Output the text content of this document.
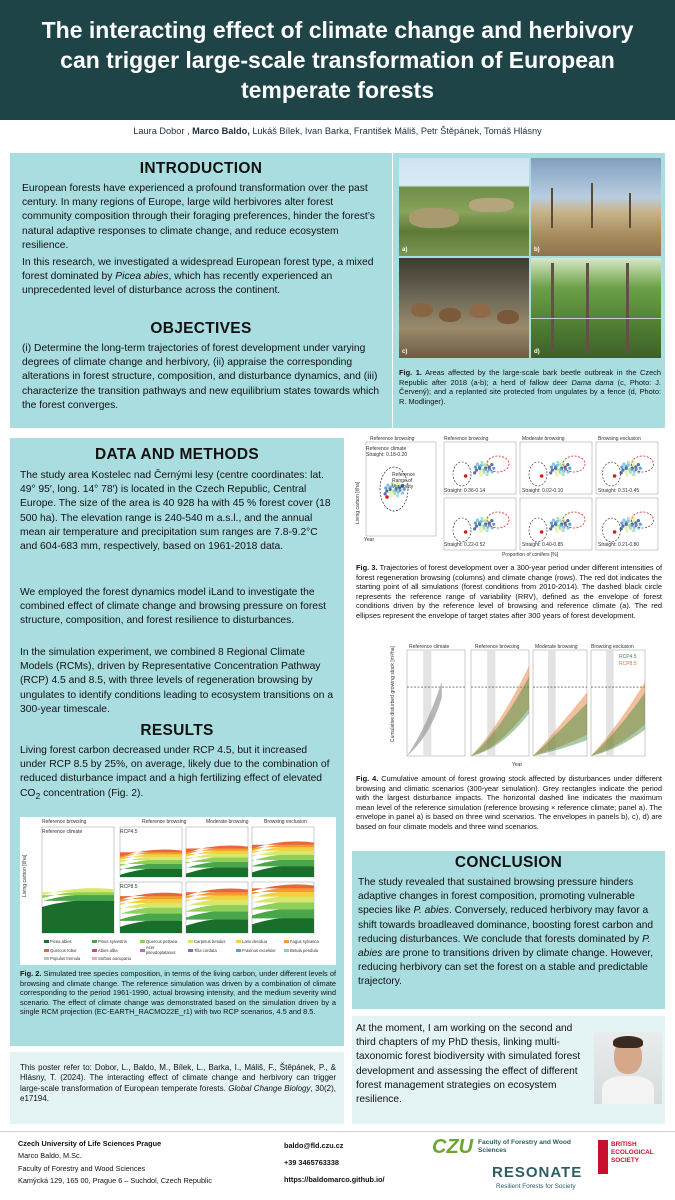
The interacting effect of climate change and herbivory can trigger large-scale transformation of European temperate forests
Laura Dobor , Marco Baldo, Lukáš Bílek, Ivan Barka, František Máliš, Petr Štěpánek, Tomáš Hlásny
INTRODUCTION
European forests have experienced a profound transformation over the past century. In many regions of Europe, large wild herbivores alter forest community composition through their foraging preferences, hinder the forest’s natural adaptive responses to climate change, and reduce ecosystem resilience.
In this research, we investigated a widespread European forest type, a mixed forest dominated by Picea abies, which has recently experienced an unprecedented level of disturbance across the continent.
OBJECTIVES
(i) Determine the long-term trajectories of forest development under varying degrees of climate change and herbivory, (ii) appraise the corresponding alterations in forest structure, composition, and disturbance dynamics, and (iii) characterize the transition pathways and new equilibrium states towards which the forest converges.
a)	b)
c)	d)
Fig. 1. Areas affected by the large-scale bark beetle outbreak in the Czech Republic after 2018 (a-b); a herd of fallow deer Dama dama (c, Photo: J. Červený); and a replanted site protected from ungulates by a fence (d, Photo: R. Modlinger).
DATA AND METHODS
The study area Kostelec nad Černými lesy (centre coordinates: lat. 49° 95′, long. 14° 78′) is located in the Czech Republic, Central Europe. The size of the area is 40 928 ha with 45 % forest cover (18 500 ha). The elevation range is 240-540 m a.s.l., and the annual mean air temperature and precipitation sum ranges are 7.8-9.2°C and 604-683 mm, respectively, based on 1961-2018 data.
We employed the forest dynamics model iLand to investigate the combined effect of climate change and browsing pressure on forest structure, composition, and forest resilience to disturbances.
In the simulation experiment, we combined 8 Regional Climate Models (RCMs), driven by Representative Concentration Pathway (RCP) 4.5 and 8.5, with three levels of regeneration browsing by ungulates to identify conditions leading to ecosystem transitions on a 300-year timescale.
RESULTS
Living forest carbon decreased under RCP 4.5, but it increased under RCP 8.5 by 25%, on average, likely due to the combination of reduced disturbance impact and a high fertilizing effect of elevated $CO_2$ concentration (Fig. 2).
Reference browsing	Reference browsing	Moderate browsing	Browsing exclusion
Reference climate	RCP4.5
RCP8.5
Living carbon [t/ha]
Picea abies	Pinus sylvestris	Quercus petraea	Carpinus betulus	Larix decidua	Fagus sylvatica
Quercus robur	Abies alba	Acer pseudoplatanus	Tilia cordata	Fraxinus excelsior	Betula pendula
Populus tremula	Sorbus aucuparia
Fig. 2. Simulated tree species composition, in terms of the living carbon, under different levels of browsing and climate change. The reference simulation was driven by a combination of climate corresponding to the period 1961-1990, actual browsing intensity, and the medium severity wind scenario. The effect of climate change was demonstrated based on the simulation driven by a single RCM projection (EC-EARTH_RACMO22E_r1) with two RCP scenarios, 4.5 and 8.5.
This poster refer to: Dobor, L., Baldo, M., Bílek, L., Barka, I., Máliš, F., Štěpánek, P., & Hlásny, T. (2024). The interacting effect of climate change and herbivory can trigger large-scale transformation of European temperate forests. Global Change Biology, 30(2), e17194.
Reference browsing	Reference browsing	Moderate browsing	Browsing exclusion
Reference climate
Reference Range of Variability
Year
Straight: 0.18-0.20
Straight: 0.36-0.14	Straight: 0.02-0.10	Straight: 0.31-0.45
Straight: 0.22-0.52	Straight: 0.40-0.85	Straight: 0.21-0.80
Proportion of conifers [%]
Living carbon [t/ha]
Fig. 3. Trajectories of forest development over a 300-year period under different intensities of forest regeneration browsing (columns) and climate change (rows). The red dot indicates the starting point of all simulations (forest conditions from 2010-2014). The dashed black circle represents the reference range of variability (RRV), defined as the envelope of forest conditions driven by the reference level of browsing and reference climate (a). The red ellipses represent the envelope of target states after 300 years of forest development.
Reference climate	Reference browsing	Moderate browsing	Browsing exclusion
RCP4.5
RCP8.5
Year
Cumulative disturbed growing stock [m³/ha]
Fig. 4. Cumulative amount of forest growing stock affected by disturbances under different browsing and climatic scenarios (300-year simulation). Grey rectangles indicate the period with the largest disturbance impacts. The horizontal dashed line indicates the maximum mean level of the reference simulation (reference browsing × reference climate; panel a). The envelope in panel a) is based on three wind scenarios. The envelopes in panels b), c), d) are based on four climate models and three wind scenarios.
CONCLUSION
The study revealed that sustained browsing pressure hinders adaptive changes in forest composition, promoting vulnerable species like P. abies. Conversely, reduced herbivory may favor a shift towards broadleaved dominance, boosting forest carbon and reducing disturbances. We conclude that forests dominated by P. abies are prone to transitions driven by climate change. However, reducing herbivory can set the forest on a stable and predictable trajectory.
At the moment, I am working on the second and third chapters of my PhD thesis, linking multi-taxonomic forest biodiversity with simulated forest development and assessing the effect of different forest management strategies on ecosystem resilience.
Czech University of Life Sciences Prague
Marco Baldo, M.Sc.
Faculty of Forestry and Wood Sciences
Kamýcká 129, 165 00, Prague 6 – Suchdol, Czech Republic
baldo@fld.czu.cz
+39 3465763338
https://baldomarco.github.io/
CZU Faculty of Forestry and Wood Sciences
RESONATE
Resilient Forests for Society
BRITISH ECOLOGICAL SOCIETY
